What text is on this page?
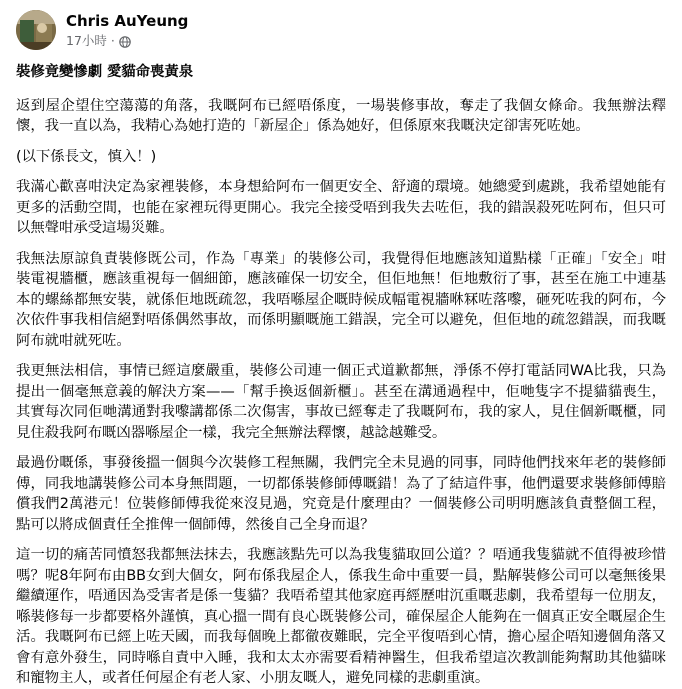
Chris AuYeung
17小時 ·

裝修竟變慘劇 愛貓命喪黃泉

返到屋企望住空蕩蕩的角落，我嘅阿布已經唔係度，一場裝修事故，奪走了我個女條命。我無辦法釋懷，我一直以為，我精心為她打造的「新屋企」係為她好，但係原來我嘅決定卻害死咗她。

(以下係長文，慎入！)

我滿心歡喜咁決定為家裡裝修，本身想給阿布一個更安全、舒適的環境。她總愛到處跳，我希望她能有更多的活動空間，也能在家裡玩得更開心。我完全接受唔到我失去咗佢，我的錯誤殺死咗阿布，但只可以無聲咁承受這場災難。

我無法原諒負責裝修既公司，作為「專業」的裝修公司，我覺得佢地應該知道點樣「正確」「安全」咁裝電視牆櫃，應該重視每一個細節，應該確保一切安全，但佢地無！佢地敷衍了事，甚至在施工中連基本的螺絲都無安裝，就係佢地既疏忽，我唔喺屋企嘅時候成幅電視牆咻冧咗落嚟，砸死咗我的阿布，今次依件事我相信絕對唔係偶然事故，而係明顯嘅施工錯誤，完全可以避免，但佢地的疏忽錯誤，而我嘅阿布就咁就死咗。

我更無法相信，事情已經這麼嚴重，裝修公司連一個正式道歉都無，淨係不停打電話同WA比我，只為提出一個毫無意義的解決方案——「幫手換返個新櫃」。甚至在溝通過程中，佢哋隻字不提貓貓喪生，其實每次同佢哋溝通對我嚟講都係二次傷害，事故已經奪走了我嘅阿布，我的家人，見住個新嘅櫃，同見住殺我阿布嘅凶器喺屋企一樣，我完全無辦法釋懷，越諗越難受。

最過份嘅係，事發後搵一個與今次裝修工程無關，我們完全未見過的同事，同時他們找來年老的裝修師傅，同我地講裝修公司本身無問題，一切都係裝修師傅嘅錯！為了了結這件事，他們還要求裝修師傅賠償我們2萬港元！位裝修師傅我從來沒見過，究竟是什麼理由？一個裝修公司明明應該負責整個工程，點可以將成個責任全推俾一個師傅，然後自己全身而退？

這一切的痛苦同憤怒我都無法抹去，我應該點先可以為我隻貓取回公道？？唔通我隻貓就不值得被珍惜嗎？呢8年阿布由BB女到大個女，阿布係我屋企人，係我生命中重要一員，點解裝修公司可以毫無後果繼續運作，唔通因為受害者是係一隻貓？我唔希望其他家庭再經歷咁沉重嘅悲劇，我希望每一位朋友，喺裝修每一步都要格外謹慎，真心搵一間有良心既裝修公司，確保屋企人能夠在一個真正安全嘅屋企生活。我嘅阿布已經上咗天國，而我每個晚上都徹夜難眠，完全平復唔到心情，擔心屋企唔知邊個角落又會有意外發生，同時喺自責中入睡，我和太太亦需要看精神醫生，但我希望這次教訓能夠幫助其他貓咪和寵物主人，或者任何屋企有老人家、小朋友嘅人，避免同樣的悲劇重演。
